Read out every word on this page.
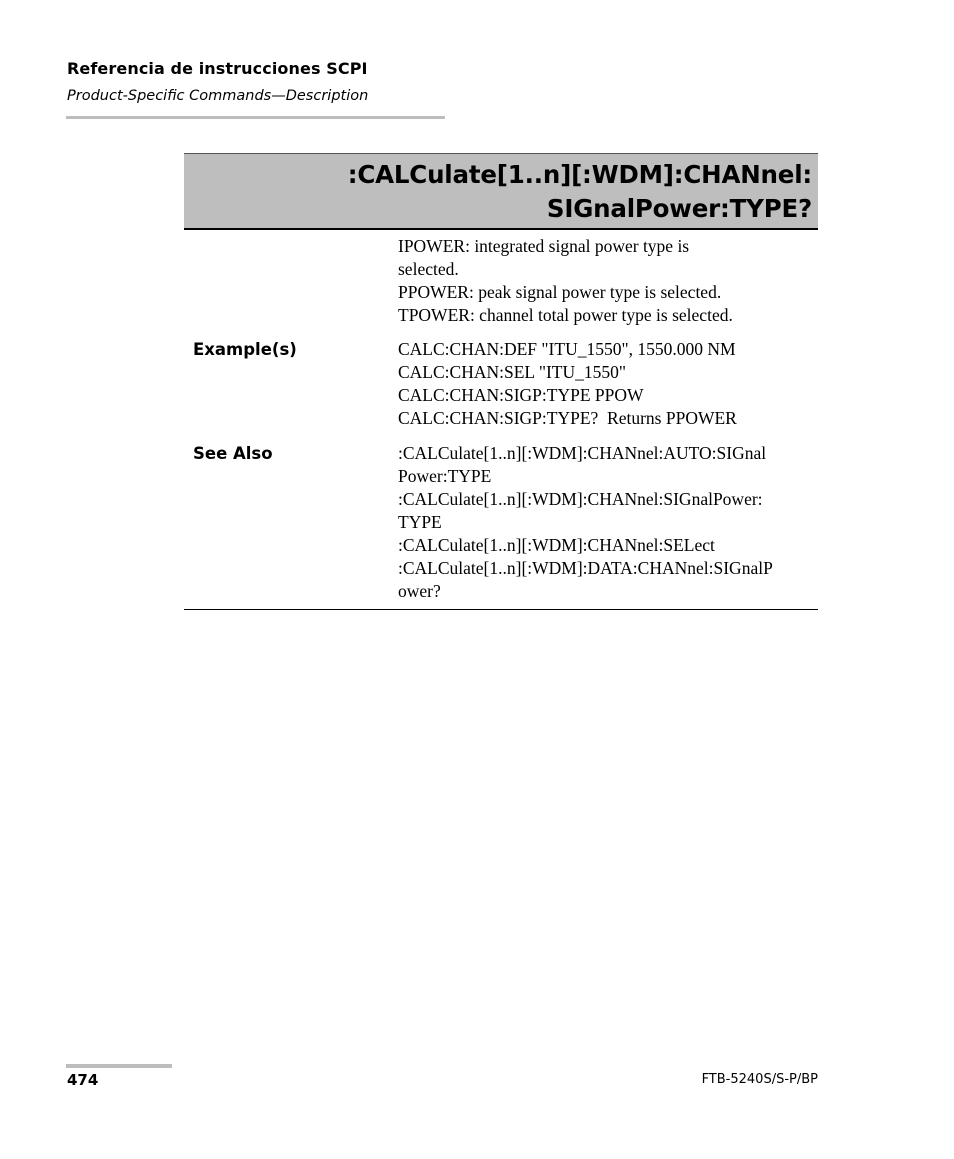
Referencia de instrucciones SCPI
Product-Specific Commands—Description
:CALCulate[1..n][:WDM]:CHANnel:
SIGnalPower:TYPE?
IPOWER: integrated signal power type is
selected.
PPOWER: peak signal power type is selected.
TPOWER: channel total power type is selected.
Example(s)	CALC:CHAN:DEF "ITU_1550", 1550.000 NM
CALC:CHAN:SEL "ITU_1550"
CALC:CHAN:SIGP:TYPE PPOW
CALC:CHAN:SIGP:TYPE?  Returns PPOWER
See Also	:CALCulate[1..n][:WDM]:CHANnel:AUTO:SIGnal
Power:TYPE
:CALCulate[1..n][:WDM]:CHANnel:SIGnalPower:
TYPE
:CALCulate[1..n][:WDM]:CHANnel:SELect
:CALCulate[1..n][:WDM]:DATA:CHANnel:SIGnalP
ower?
474	FTB-5240S/S-P/BP
